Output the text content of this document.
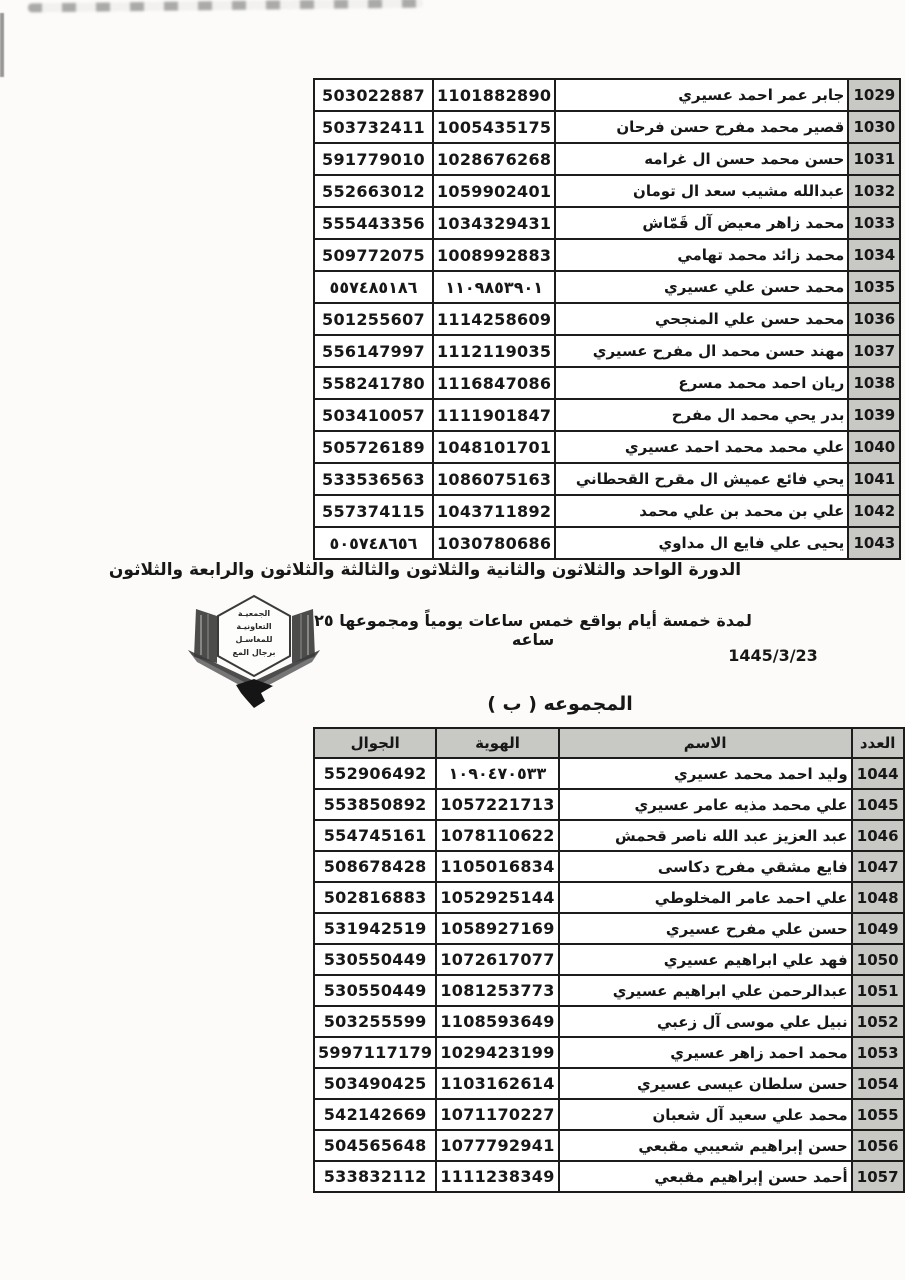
1029	جابر عمر احمد عسيري	1101882890	503022887
1030	قصير محمد مفرح حسن فرحان	1005435175	503732411
1031	حسن محمد حسن ال غرامه	1028676268	591779010
1032	عبدالله مشيب سعد ال تومان	1059902401	552663012
1033	محمد زاهر معيض آل قَمّاش	1034329431	555443356
1034	محمد زائد محمد تهامي	1008992883	509772075
1035	محمد حسن علي عسيري	١١٠٩٨٥٣٩٠١	٥٥٧٤٨٥١٨٦
1036	محمد حسن علي المنجحي	1114258609	501255607
1037	مهند حسن محمد ال مفرح عسيري	1112119035	556147997
1038	ريان احمد محمد مسرع	1116847086	558241780
1039	بدر يحي محمد ال مفرح	1111901847	503410057
1040	علي محمد محمد احمد عسيري	1048101701	505726189
1041	يحي فائع عميش ال مقرح القحطاني	1086075163	533536563
1042	علي بن محمد بن علي محمد	1043711892	557374115
1043	يحيى علي فايع ال مداوي	1030780686	٥٠٥٧٤٨٦٥٦
الدورة الواحد والثلاثون والثانية والثلاثون والثالثة والثلاثون والرابعة والثلاثون
لمدة خمسة أيام بواقع خمس ساعات يومياً ومجموعها ٢٥ ساعه
1445/3/23
المجموعه ( ب )
الجمعيـة
التعاونيـة
للمغاسـل
برجال المع
العدد	الاسم	الهوية	الجوال
1044	وليد احمد محمد عسيري	١٠٩٠٤٧٠٥٣٣	552906492
1045	علي محمد مذيه عامر عسيري	1057221713	553850892
1046	عبد العزيز عبد الله ناصر قحمش	1078110622	554745161
1047	فايع مشقي مفرح دكاسى	1105016834	508678428
1048	علي احمد عامر المخلوطي	1052925144	502816883
1049	حسن علي مفرح عسيري	1058927169	531942519
1050	فهد علي ابراهيم عسيري	1072617077	530550449
1051	عبدالرحمن علي ابراهيم عسيري	1081253773	530550449
1052	نبيل علي موسى آل زعبي	1108593649	503255599
1053	محمد احمد زاهر عسيري	1029423199	5997117179
1054	حسن سلطان عيسى عسيري	1103162614	503490425
1055	محمد علي سعيد آل شعبان	1071170227	542142669
1056	حسن إبراهيم شعيبي مقبعي	1077792941	504565648
1057	أحمد حسن إبراهيم مقبعي	1111238349	533832112
